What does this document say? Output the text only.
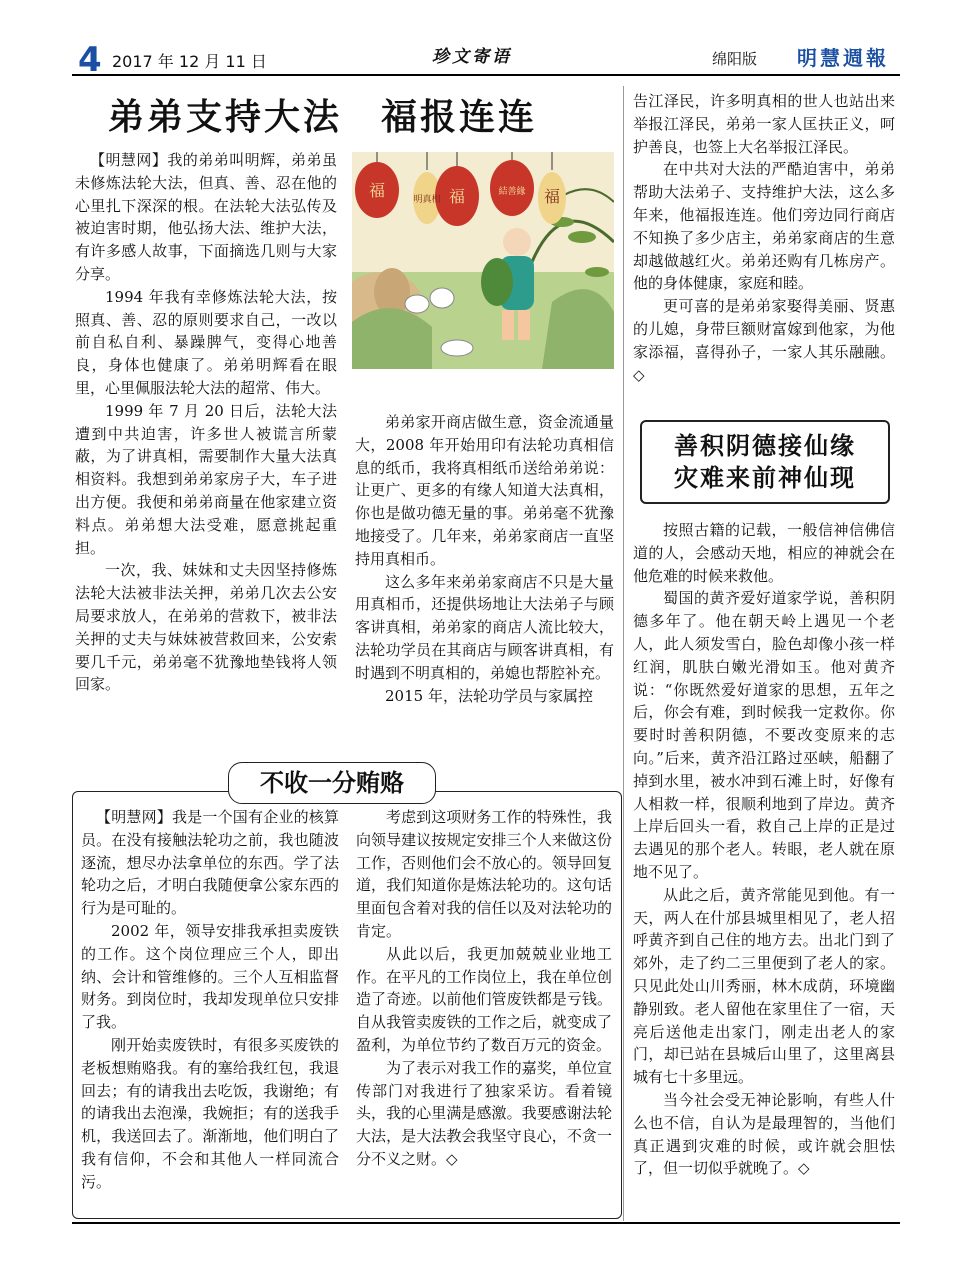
4 2017 年 12 月 11 日	珍文寄语	绵阳版 明慧週報
弟弟支持大法　福报连连
福	明真相 福	結善緣 福

【明慧网】我的弟弟叫明辉，弟弟虽未修炼法轮大法，但真、善、忍在他的心里扎下深深的根。在法轮大法弘传及被迫害时期，他弘扬大法、维护大法，有许多感人故事，下面摘选几则与大家分享。

1994 年我有幸修炼法轮大法，按照真、善、忍的原则要求自己，一改以前自私自利、暴躁脾气，变得心地善良，身体也健康了。弟弟明辉看在眼里，心里佩服法轮大法的超常、伟大。

1999 年 7 月 20 日后，法轮大法遭到中共迫害，许多世人被谎言所蒙蔽，为了讲真相，需要制作大量大法真相资料。我想到弟弟家房子大，车子进出方便。我便和弟弟商量在他家建立资料点。弟弟想大法受难，愿意挑起重担。

一次，我、妹妹和丈夫因坚持修炼法轮大法被非法关押，弟弟几次去公安局要求放人，在弟弟的营救下，被非法关押的丈夫与妹妹被营救回来，公安索要几千元，弟弟毫不犹豫地垫钱将人领回家。

弟弟家开商店做生意，资金流通量大，2008 年开始用印有法轮功真相信息的纸币，我将真相纸币送给弟弟说：让更广、更多的有缘人知道大法真相，你也是做功德无量的事。弟弟毫不犹豫地接受了。几年来，弟弟家商店一直坚持用真相币。

这么多年来弟弟家商店不只是大量用真相币，还提供场地让大法弟子与顾客讲真相，弟弟家的商店人流比较大，法轮功学员在其商店与顾客讲真相，有时遇到不明真相的，弟媳也帮腔补充。

2015 年，法轮功学员与家属控

告江泽民，许多明真相的世人也站出来举报江泽民，弟弟一家人匡扶正义，呵护善良，也签上大名举报江泽民。

在中共对大法的严酷迫害中，弟弟帮助大法弟子、支持维护大法，这么多年来，他福报连连。他们旁边同行商店不知换了多少店主，弟弟家商店的生意却越做越红火。弟弟还购有几栋房产。他的身体健康，家庭和睦。

更可喜的是弟弟家娶得美丽、贤惠的儿媳，身带巨额财富嫁到他家，为他家添福，喜得孙子，一家人其乐融融。◇

善积阴德接仙缘
灾难来前神仙现

按照古籍的记载，一般信神信佛信道的人，会感动天地，相应的神就会在他危难的时候来救他。

蜀国的黄齐爱好道家学说，善积阴德多年了。他在朝天岭上遇见一个老人，此人须发雪白，脸色却像小孩一样红润，肌肤白嫩光滑如玉。他对黄齐说：“你既然爱好道家的思想，五年之后，你会有难，到时候我一定救你。你要时时善积阴德，不要改变原来的志向。”后来，黄齐沿江路过巫峡，船翻了掉到水里，被水冲到石滩上时，好像有人相救一样，很顺利地到了岸边。黄齐上岸后回头一看，救自己上岸的正是过去遇见的那个老人。转眼，老人就在原地不见了。

从此之后，黄齐常能见到他。有一天，两人在什邡县城里相见了，老人招呼黄齐到自己住的地方去。出北门到了郊外，走了约二三里便到了老人的家。只见此处山川秀丽，林木成荫，环境幽静别致。老人留他在家里住了一宿，天亮后送他走出家门，刚走出老人的家门，却已站在县城后山里了，这里离县城有七十多里远。

当今社会受无神论影响，有些人什么也不信，自认为是最理智的，当他们真正遇到灾难的时候，或许就会胆怯了，但一切似乎就晚了。◇

不收一分贿赂

【明慧网】我是一个国有企业的核算员。在没有接触法轮功之前，我也随波逐流，想尽办法拿单位的东西。学了法轮功之后，才明白我随便拿公家东西的行为是可耻的。

2002 年，领导安排我承担卖废铁的工作。这个岗位理应三个人，即出纳、会计和管维修的。三个人互相监督财务。到岗位时，我却发现单位只安排了我。

刚开始卖废铁时，有很多买废铁的老板想贿赂我。有的塞给我红包，我退回去；有的请我出去吃饭，我谢绝；有的请我出去泡澡，我婉拒；有的送我手机，我送回去了。渐渐地，他们明白了我有信仰，不会和其他人一样同流合污。

考虑到这项财务工作的特殊性，我向领导建议按规定安排三个人来做这份工作，否则他们会不放心的。领导回复道，我们知道你是炼法轮功的。这句话里面包含着对我的信任以及对法轮功的肯定。

从此以后，我更加兢兢业业地工作。在平凡的工作岗位上，我在单位创造了奇迹。以前他们管废铁都是亏钱。自从我管卖废铁的工作之后，就变成了盈利，为单位节约了数百万元的资金。

为了表示对我工作的嘉奖，单位宣传部门对我进行了独家采访。看着镜头，我的心里满是感激。我要感谢法轮大法，是大法教会我坚守良心，不贪一分不义之财。◇
